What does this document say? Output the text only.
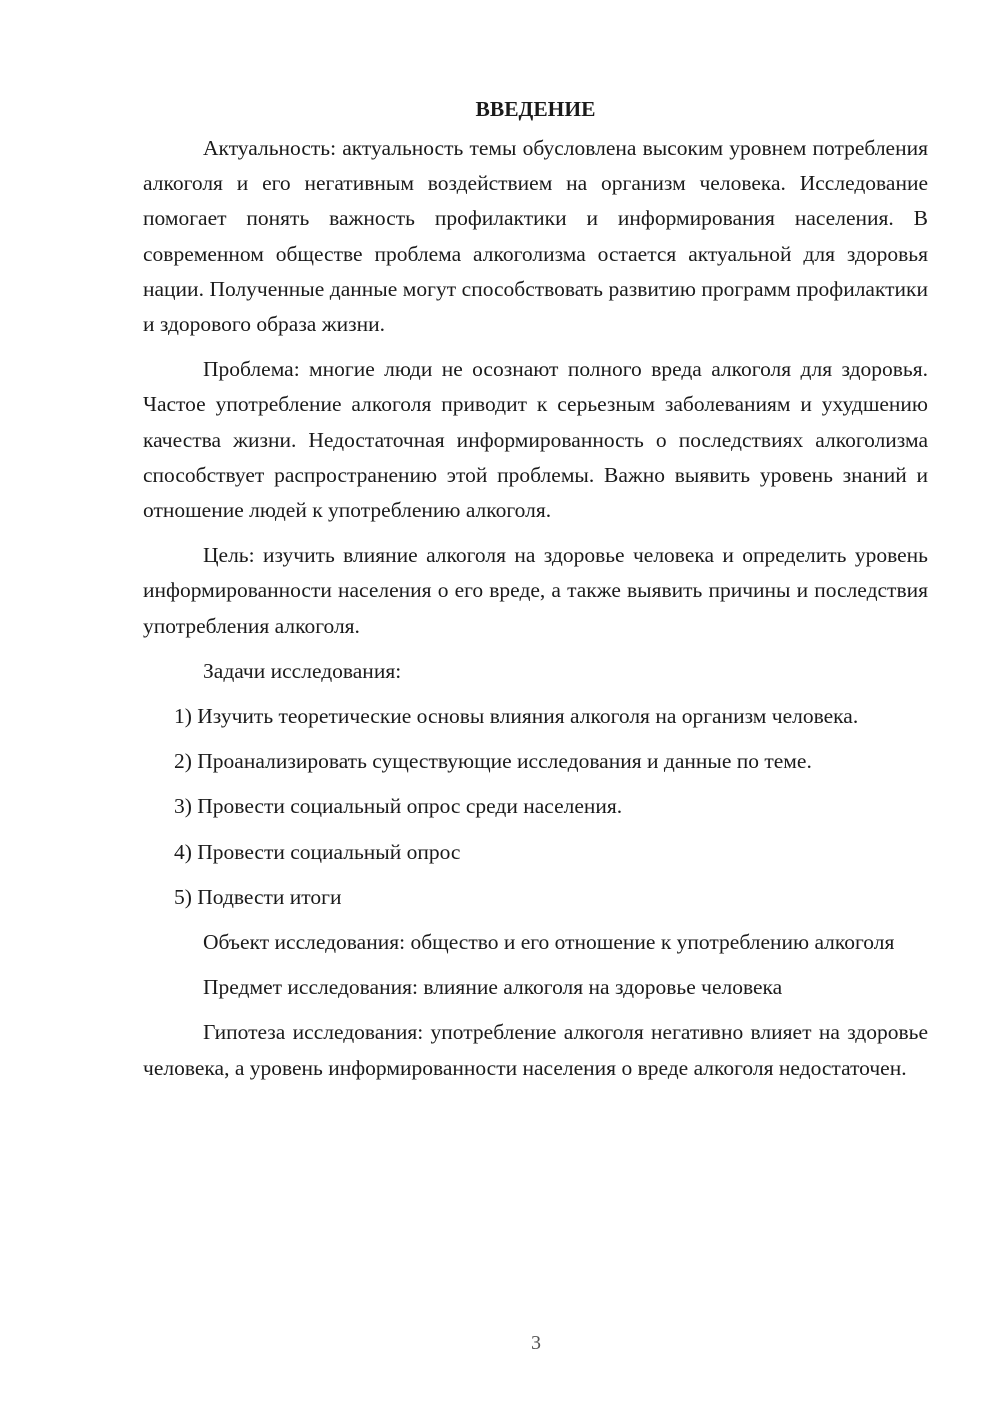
ВВЕДЕНИЕ

Актуальность: актуальность темы обусловлена высоким уровнем потребления алкоголя и его негативным воздействием на организм человека. Исследование помогает понять важность профилактики и информирования населения. В современном обществе проблема алкоголизма остается актуальной для здоровья нации. Полученные данные могут способствовать развитию программ профилактики и здорового образа жизни.

Проблема: многие люди не осознают полного вреда алкоголя для здоровья. Частое употребление алкоголя приводит к серьезным заболеваниям и ухудшению качества жизни. Недостаточная информированность о последствиях алкоголизма способствует распространению этой проблемы. Важно выявить уровень знаний и отношение людей к употреблению алкоголя.

Цель: изучить влияние алкоголя на здоровье человека и определить уровень информированности населения о его вреде, а также выявить причины и последствия употребления алкоголя.

Задачи исследования:

1) Изучить теоретические основы влияния алкоголя на организм человека.

2) Проанализировать существующие исследования и данные по теме.

3) Провести социальный опрос среди населения.

4) Провести социальный опрос

5) Подвести итоги

Объект исследования: общество и его отношение к употреблению алкоголя

Предмет исследования: влияние алкоголя на здоровье человека

Гипотеза исследования: употребление алкоголя негативно влияет на здоровье человека, а уровень информированности населения о вреде алкоголя недостаточен.

3
